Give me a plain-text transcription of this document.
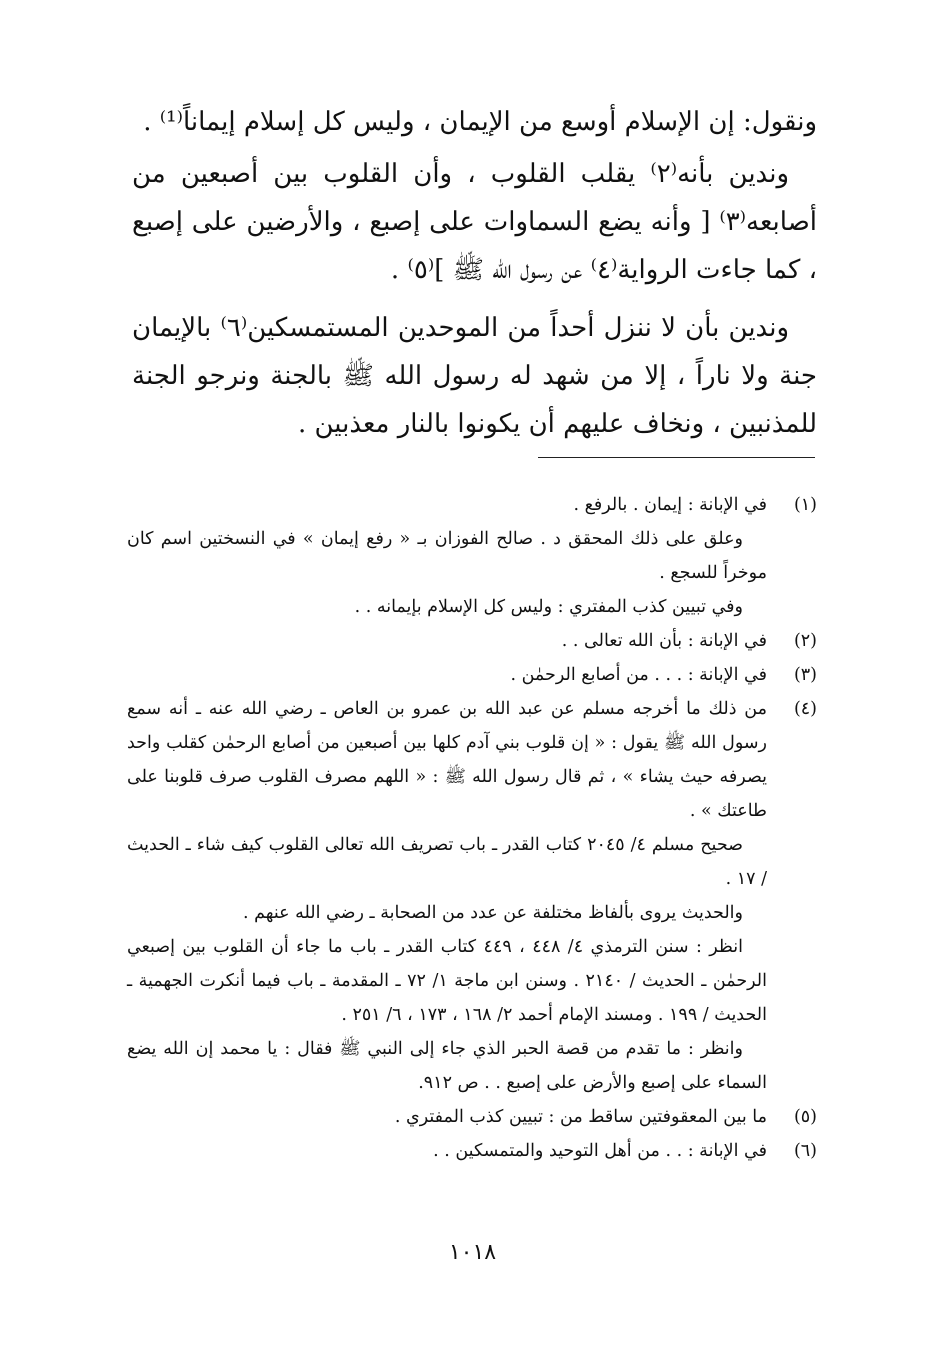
ونقول: إن الإسلام أوسع من الإيمان ، وليس كل إسلام إيماناً⁽¹⁾ .

وندين بأنه⁽٢⁾ يقلب القلوب ، وأن القلوب بين أصبعين من أصابعه⁽٣⁾ [ وأنه يضع السماوات على إصبع ، والأرضين على إصبع ، كما جاءت الرواية⁽٤⁾ عن رسول الله ﷺ ]⁽٥⁾ .

وندين بأن لا ننزل أحداً من الموحدين المستمسكين⁽٦⁾ بالإيمان جنة ولا ناراً ، إلا من شهد له رسول الله ﷺ بالجنة ونرجو الجنة للمذنبين ، ونخاف عليهم أن يكونوا بالنار معذبين .

(١)
في الإبانة : إيمان . بالرفع .
وعلق على ذلك المحقق د . صالح الفوزان بـ « رفع إيمان » في النسختين اسم كان موخراً للسجع .
وفي تبيين كذب المفتري : وليس كل الإسلام بإيمانه . .
(٢)
في الإبانة : بأن الله تعالى . .
(٣)
في الإبانة : . . . من أصابع الرحمٰن .
(٤)
من ذلك ما أخرجه مسلم عن عبد الله بن عمرو بن العاص ـ رضي الله عنه ـ أنه سمع رسول الله ﷺ يقول : « إن قلوب بني آدم كلها بين أصبعين من أصابع الرحمٰن كقلب واحد يصرفه حيث يشاء » ، ثم قال رسول الله ﷺ : « اللهم مصرف القلوب صرف قلوبنا على طاعتك » .
صحيح مسلم ٤/ ٢٠٤٥ كتاب القدر ـ باب تصريف الله تعالى القلوب كيف شاء ـ الحديث / ١٧ .
والحديث يروى بألفاظ مختلفة عن عدد من الصحابة ـ رضي الله عنهم .
انظر : سنن الترمذي ٤/ ٤٤٨ ، ٤٤٩ كتاب القدر ـ باب ما جاء أن القلوب بين إصبعي الرحمٰن ـ الحديث / ٢١٤٠ . وسنن ابن ماجة ١/ ٧٢ ـ المقدمة ـ باب فيما أنكرت الجهمية ـ الحديث / ١٩٩ . ومسند الإمام أحمد ٢/ ١٦٨ ، ١٧٣ ، ٦/ ٢٥١ .
وانظر : ما تقدم من قصة الحبر الذي جاء إلى النبي ﷺ فقال : يا محمد إن الله يضع السماء على إصبع والأرض على إصبع . . ص ٩١٢.
(٥)
ما بين المعقوفتين ساقط من : تبيين كذب المفتري .
(٦)
في الإبانة : . . من أهل التوحيد والمتمسكين . .
١٠١٨
